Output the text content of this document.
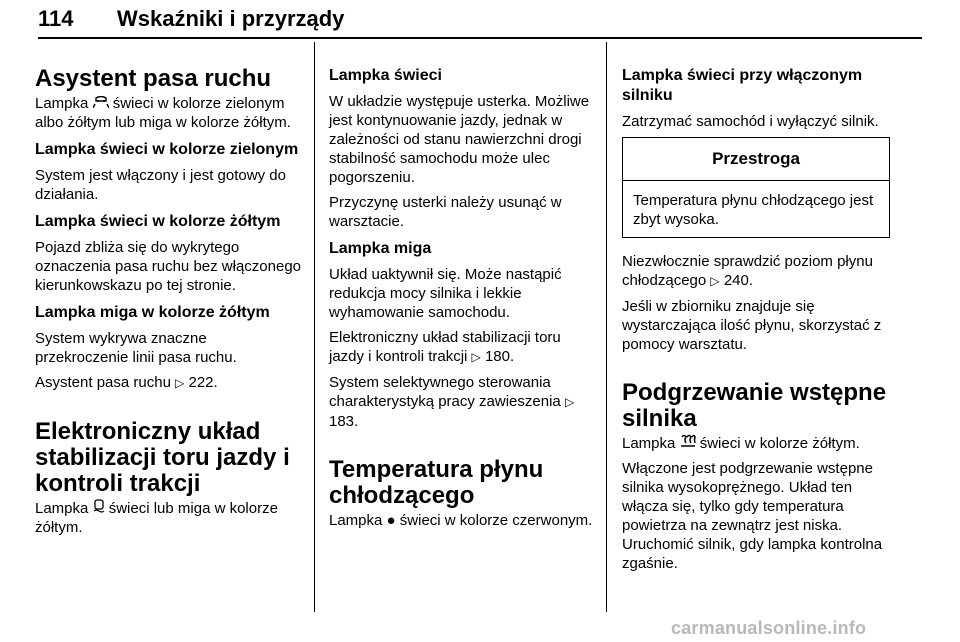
114 Wskaźniki i przyrządy
Asystent pasa ruchu

Lampka  świeci w kolorze zielonym albo żółtym lub miga w kolorze żółtym.

Lampka świeci w kolorze zielonym

System jest włączony i jest gotowy do działania.

Lampka świeci w kolorze żółtym

Pojazd zbliża się do wykrytego oznaczenia pasa ruchu bez włączonego kierunkowskazu po tej stronie.

Lampka miga w kolorze żółtym

System wykrywa znaczne przekroczenie linii pasa ruchu.

Asystent pasa ruchu ▷ 222.

Elektroniczny układ stabilizacji toru jazdy i kontroli trakcji

Lampka  świeci lub miga w kolorze żółtym.

Lampka świeci

W układzie występuje usterka. Możliwe jest kontynuowanie jazdy, jednak w zależności od stanu nawierzchni drogi stabilność samochodu może ulec pogorszeniu.

Przyczynę usterki należy usunąć w warsztacie.

Lampka miga

Układ uaktywnił się. Może nastąpić redukcja mocy silnika i lekkie wyhamowanie samochodu.

Elektroniczny układ stabilizacji toru jazdy i kontroli trakcji ▷ 180.

System selektywnego sterowania charakterystyką pracy zawieszenia ▷ 183.

Temperatura płynu chłodzącego

Lampka ● świeci w kolorze czerwonym.

Lampka świeci przy włączonym silniku

Zatrzymać samochód i wyłączyć silnik.

Przestroga
Temperatura płynu chłodzącego jest zbyt wysoka.

Niezwłocznie sprawdzić poziom płynu chłodzącego ▷ 240.

Jeśli w zbiorniku znajduje się wystarczająca ilość płynu, skorzystać z pomocy warsztatu.

Podgrzewanie wstępne silnika

Lampka  świeci w kolorze żółtym.

Włączone jest podgrzewanie wstępne silnika wysokoprężnego. Układ ten włącza się, tylko gdy temperatura powietrza na zewnątrz jest niska. Uruchomić silnik, gdy lampka kontrolna zgaśnie.

carmanualsonline.info
